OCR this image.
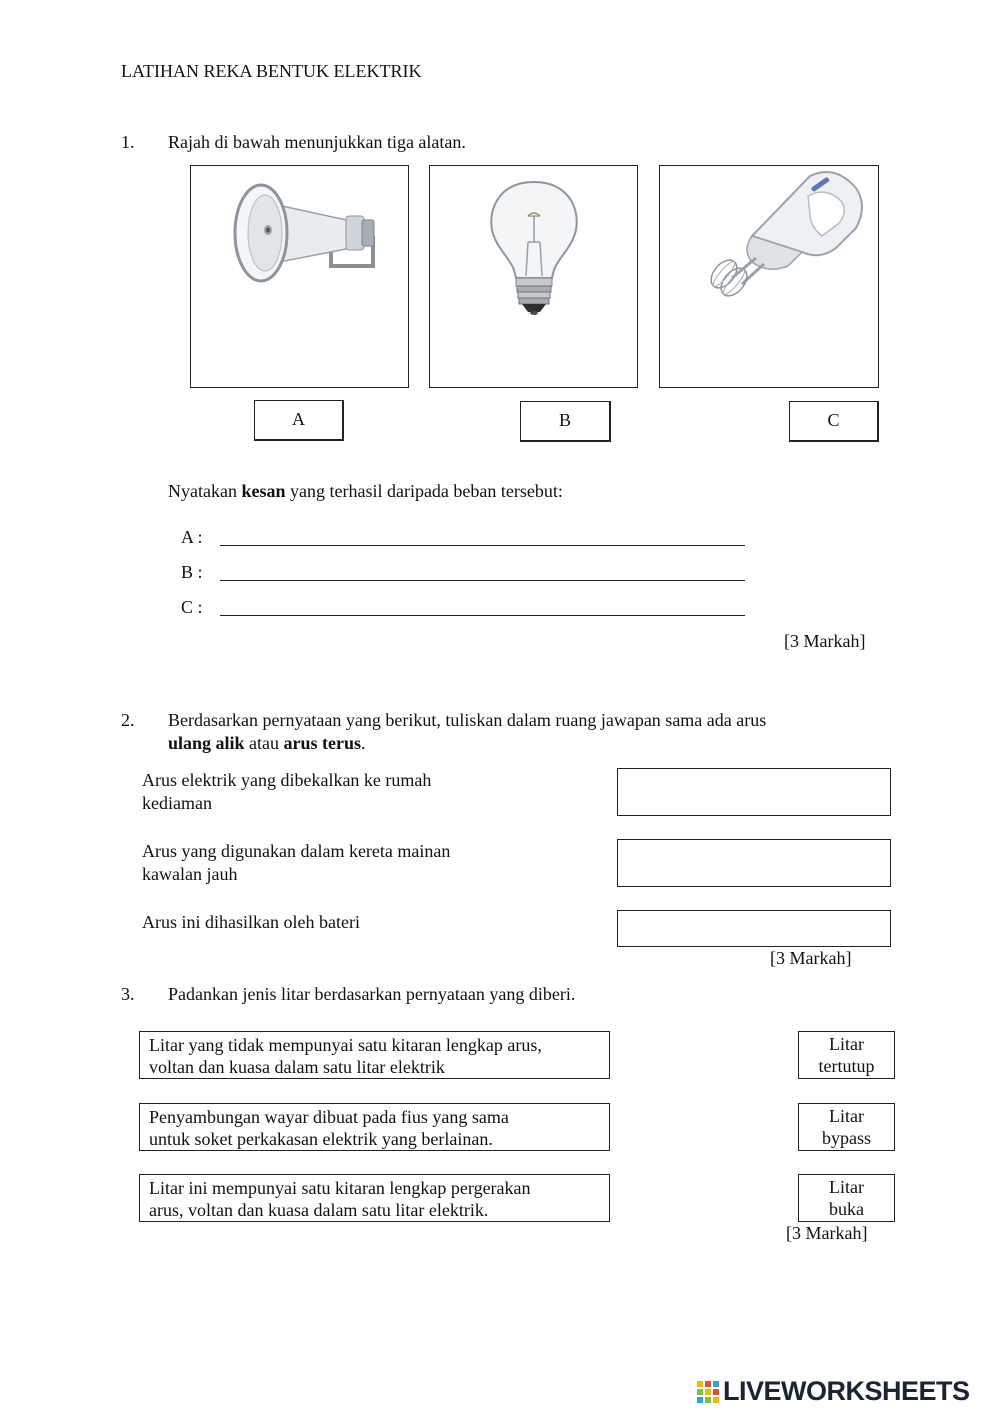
LATIHAN REKA BENTUK ELEKTRIK
1. Rajah di bawah menunjukkan tiga alatan.
A	B	C
Nyatakan kesan yang terhasil daripada beban tersebut:
A :
B :
C :
[3 Markah]
2. Berdasarkan pernyataan yang berikut, tuliskan dalam ruang jawapan sama ada arus
ulang alik atau arus terus.
Arus elektrik yang dibekalkan ke rumah
kediaman
Arus yang digunakan dalam kereta mainan
kawalan jauh
Arus ini dihasilkan oleh bateri
[3 Markah]
3. Padankan jenis litar berdasarkan pernyataan yang diberi.
Litar yang tidak mempunyai satu kitaran lengkap arus,
voltan dan kuasa dalam satu litar elektrik
Litar
tertutup
Penyambungan wayar dibuat pada fius yang sama
untuk soket perkakasan elektrik yang berlainan.
Litar
bypass
Litar ini mempunyai satu kitaran lengkap pergerakan
arus, voltan dan kuasa dalam satu litar elektrik.
Litar
buka
[3 Markah]
LIVEWORKSHEETS
